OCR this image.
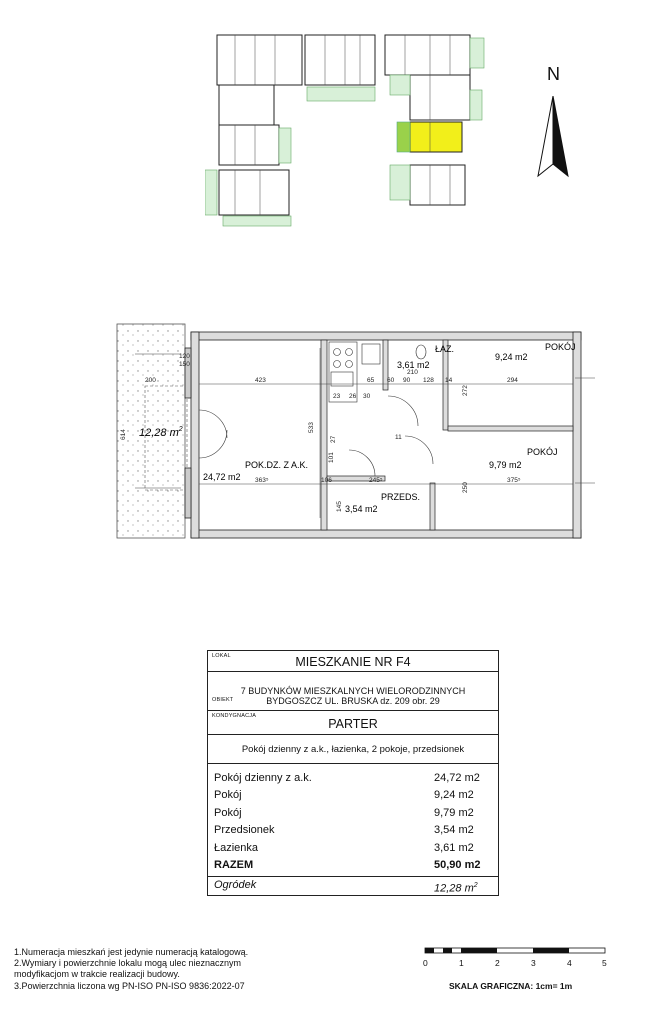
N
POK.DZ. Z A.K.
24,72 m2
POKÓJ
9,24 m2
POKÓJ
9,79 m2
ŁAZ.
3,61 m2
PRZEDS.
3,54 m2
12,28 $m^2$
423
200
210
294
533
363⁵	375⁵
250
245⁵
272
614
120
150
101
106
145
128 14
60
65
11
90
27
30
23 26
LOKAL	MIESZKANIE NR F4
7 BUDYNKÓW MIESZKALNYCH WIELORODZINNYCH
BYDGOSZCZ UL. BRUSKA dz. 209 obr. 29
OBIEKT
KONDYGNACJA
PARTER
Pokój dzienny z a.k., łazienka, 2 pokoje, przedsionek
Pokój dzienny z a.k.	24,72 m2
Pokój	9,24 m2
Pokój	9,79 m2
Przedsionek	3,54 m2
Łazienka	3,61 m2
RAZEM	50,90 m2
Ogródek	12,28 $m^2$
1.Numeracja mieszkań jest jedynie numeracją katalogową.
2.Wymiary i powierzchnie lokalu mogą ulec nieznacznym
modyfikacjom w trakcie realizacji budowy.
3.Powierzchnia liczona wg PN-ISO PN-ISO 9836:2022-07
0	1	2	3	4	5
SKALA GRAFICZNA: 1cm= 1m
